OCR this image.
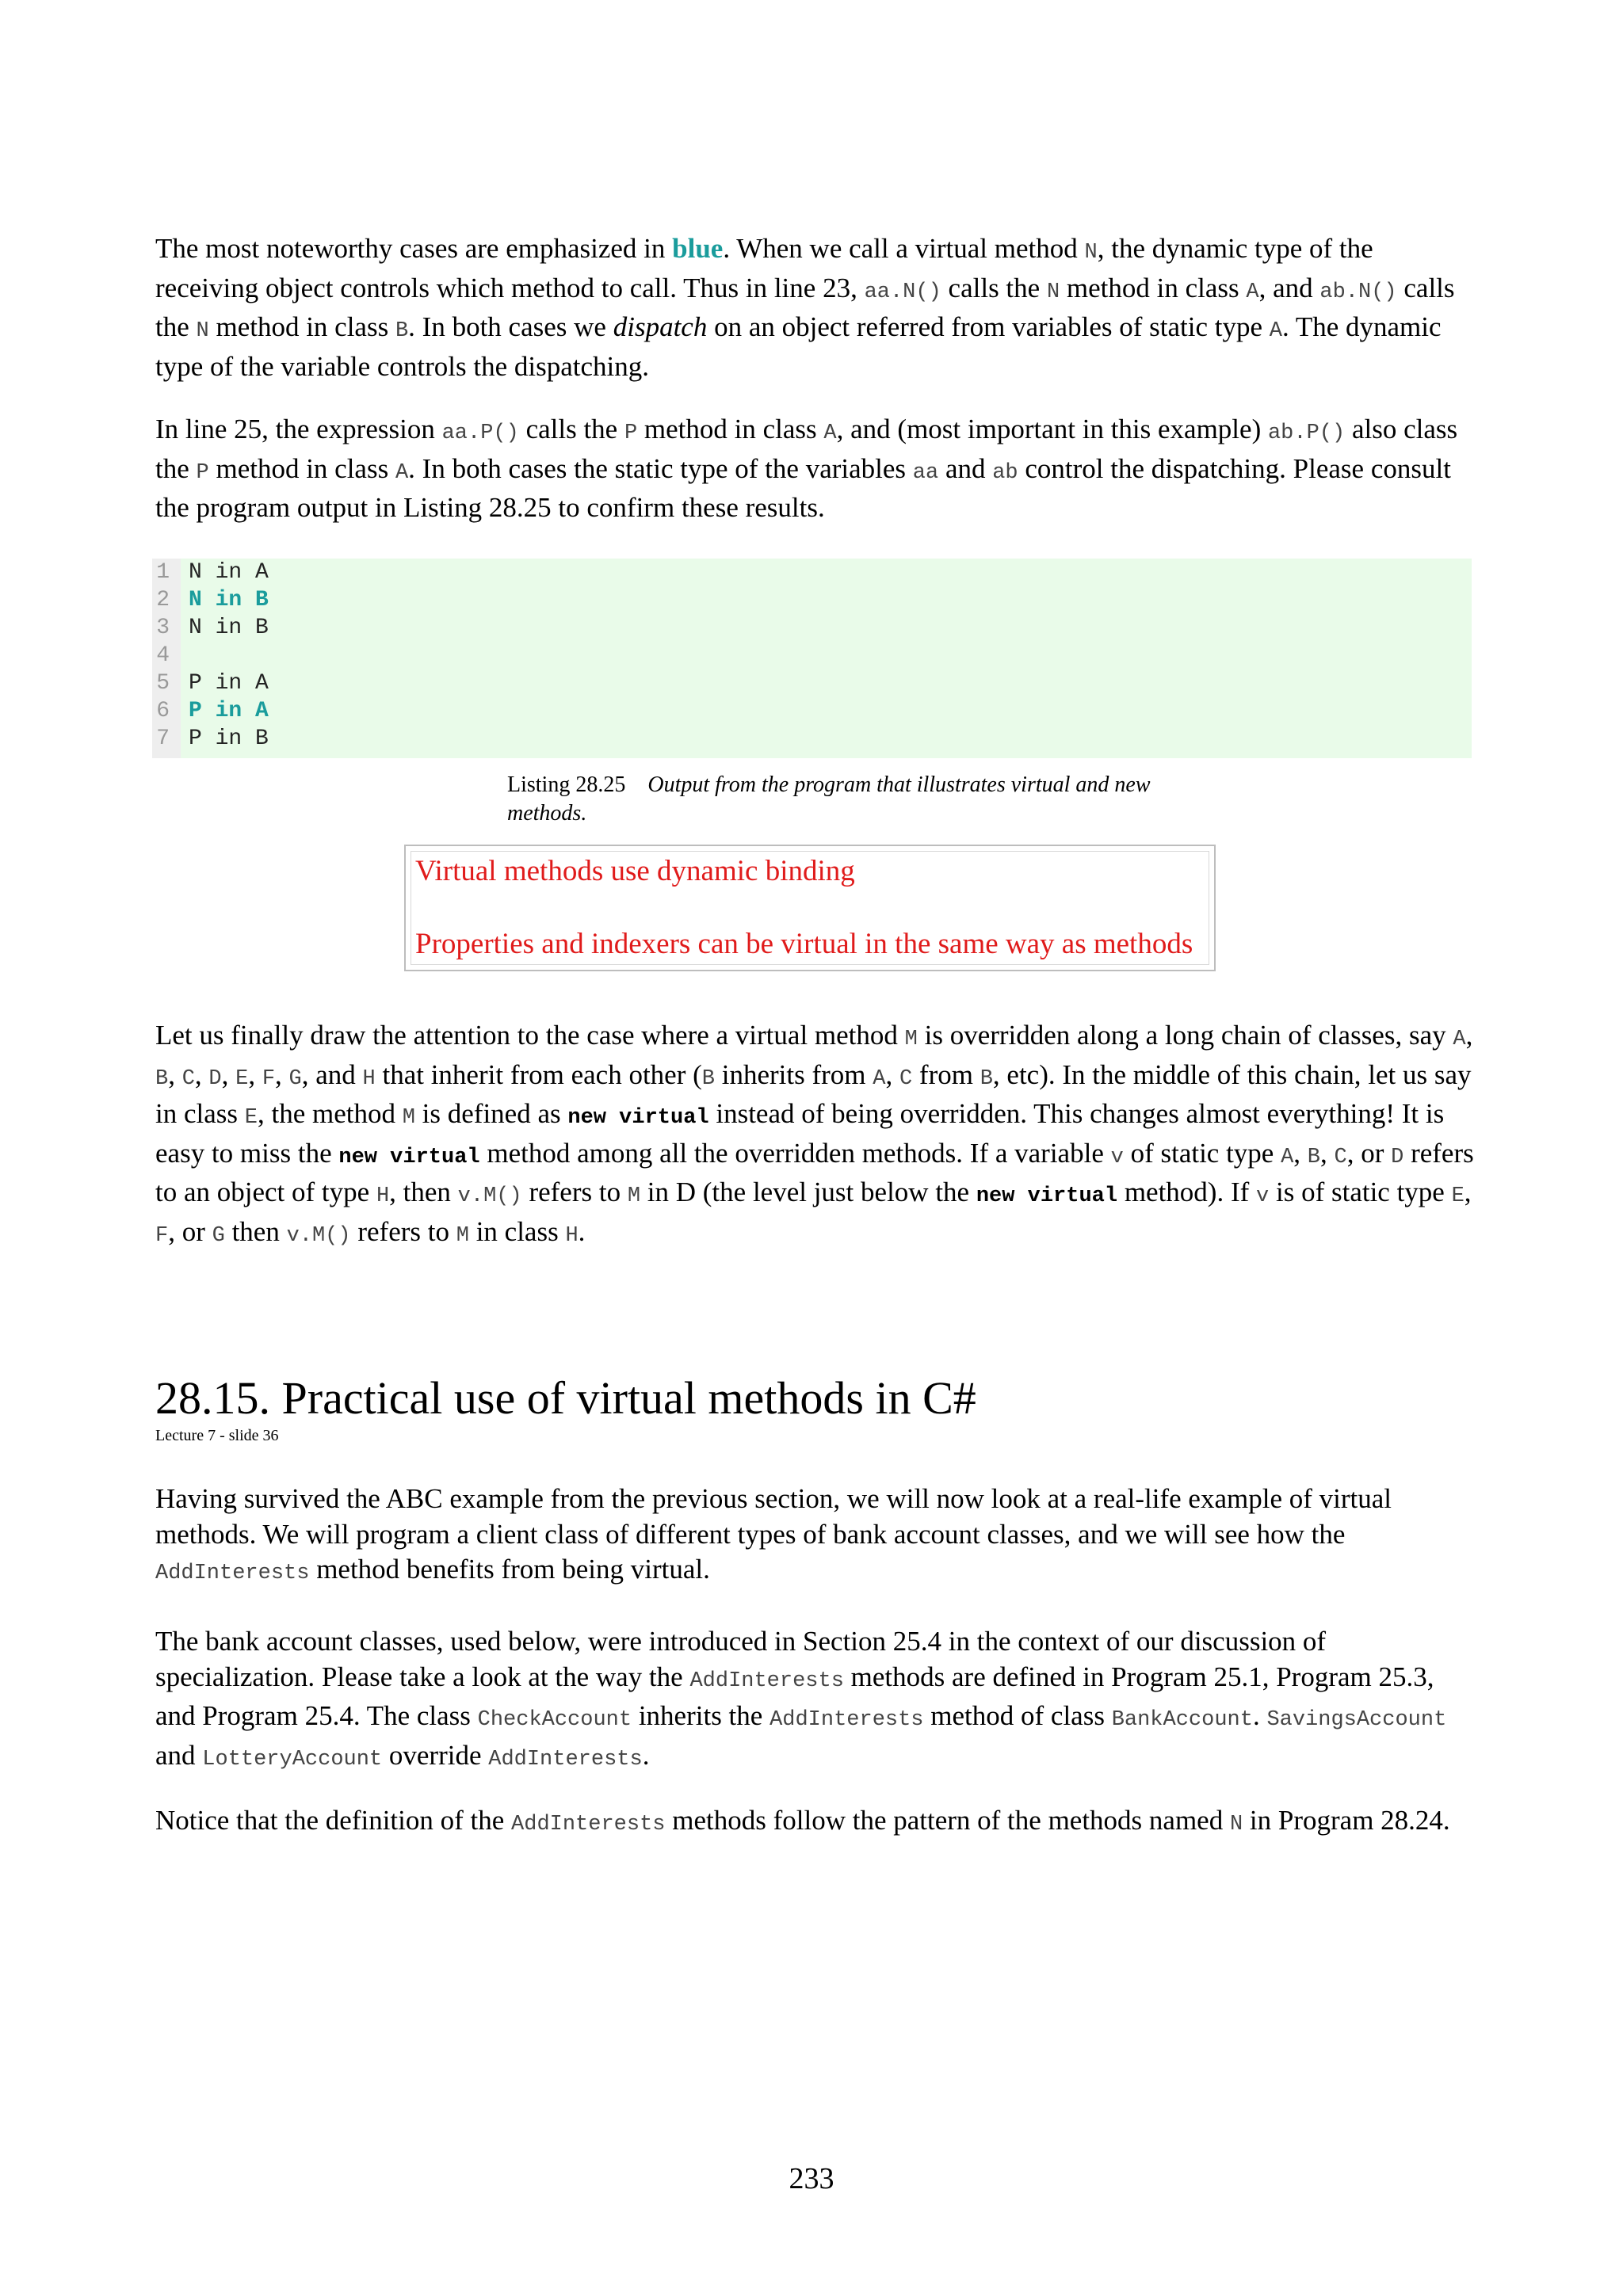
The most noteworthy cases are emphasized in blue. When we call a virtual method N, the dynamic type of the receiving object controls which method to call. Thus in line 23, aa.N() calls the N method in class A, and ab.N() calls the N method in class B. In both cases we dispatch on an object referred from variables of static type A. The dynamic type of the variable controls the dispatching.

In line 25, the expression aa.P() calls the P method in class A, and (most important in this example) ab.P() also class the P method in class A. In both cases the static type of the variables aa and ab control the dispatching. Please consult the program output in Listing 28.25 to confirm these results.

1 N in A
2 N in B
3 N in B
4
5 P in A
6 P in A
7 P in B
Listing 28.25 Output from the program that illustrates virtual and new methods.
Virtual methods use dynamic binding
Properties and indexers can be virtual in the same way as methods

Let us finally draw the attention to the case where a virtual method M is overridden along a long chain of classes, say A, B, C, D, E, F, G, and H that inherit from each other (B inherits from A, C from B, etc). In the middle of this chain, let us say in class E, the method M is defined as new virtual instead of being overridden. This changes almost everything! It is easy to miss the new virtual method among all the overridden methods. If a variable v of static type A, B, C, or D refers to an object of type H, then v.M() refers to M in D (the level just below the new virtual method). If v is of static type E, F, or G then v.M() refers to M in class H.

28.15. Practical use of virtual methods in C#
Lecture 7 - slide 36

Having survived the ABC example from the previous section, we will now look at a real-life example of virtual methods. We will program a client class of different types of bank account classes, and we will see how the AddInterests method benefits from being virtual.

The bank account classes, used below, were introduced in Section 25.4 in the context of our discussion of specialization. Please take a look at the way the AddInterests methods are defined in Program 25.1, Program 25.3, and Program 25.4. The class CheckAccount inherits the AddInterests method of class BankAccount. SavingsAccount and LotteryAccount override AddInterests.

Notice that the definition of the AddInterests methods follow the pattern of the methods named N in Program 28.24.

233
